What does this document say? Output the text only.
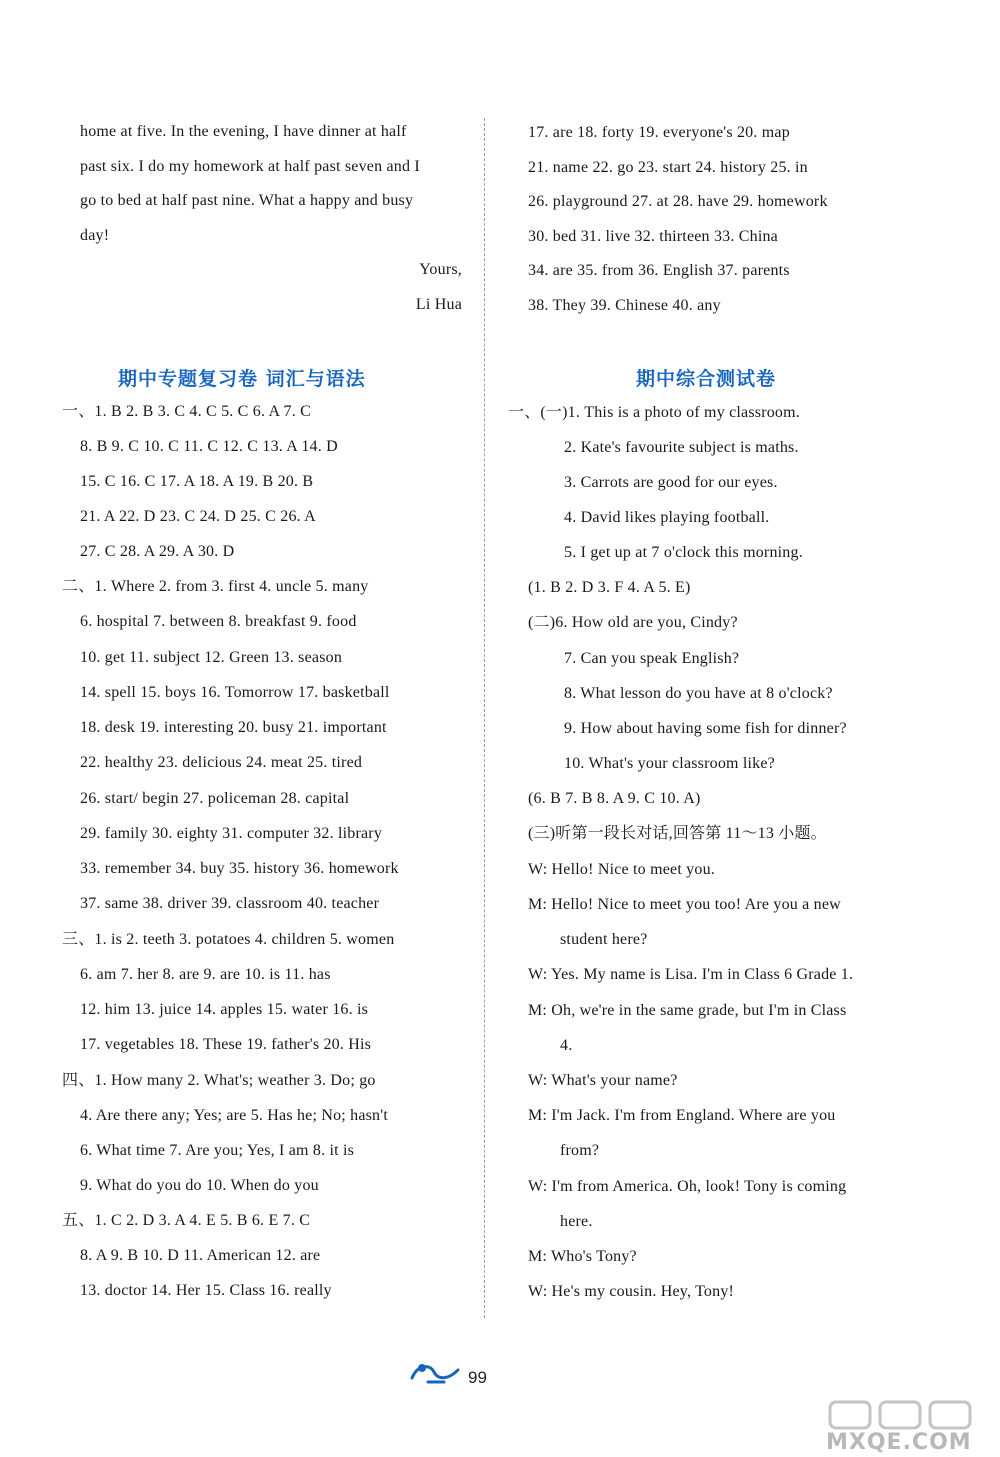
home at five. In the evening, I have dinner at half
past six. I do my homework at half past seven and I
go to bed at half past nine. What a happy and busy
day!
Yours,
Li Hua
期中专题复习卷 词汇与语法
一、1. B 2. B 3. C 4. C 5. C 6. A 7. C
8. B 9. C 10. C 11. C 12. C 13. A 14. D
15. C 16. C 17. A 18. A 19. B 20. B
21. A 22. D 23. C 24. D 25. C 26. A
27. C 28. A 29. A 30. D
二、1. Where 2. from 3. first 4. uncle 5. many
6. hospital 7. between 8. breakfast 9. food
10. get 11. subject 12. Green 13. season
14. spell 15. boys 16. Tomorrow 17. basketball
18. desk 19. interesting 20. busy 21. important
22. healthy 23. delicious 24. meat 25. tired
26. start/ begin 27. policeman 28. capital
29. family 30. eighty 31. computer 32. library
33. remember 34. buy 35. history 36. homework
37. same 38. driver 39. classroom 40. teacher
三、1. is 2. teeth 3. potatoes 4. children 5. women
6. am 7. her 8. are 9. are 10. is 11. has
12. him 13. juice 14. apples 15. water 16. is
17. vegetables 18. These 19. father's 20. His
四、1. How many 2. What's; weather 3. Do; go
4. Are there any; Yes; are 5. Has he; No; hasn't
6. What time 7. Are you; Yes, I am 8. it is
9. What do you do 10. When do you
五、1. C 2. D 3. A 4. E 5. B 6. E 7. C
8. A 9. B 10. D 11. American 12. are
13. doctor 14. Her 15. Class 16. really
17. are 18. forty 19. everyone's 20. map
21. name 22. go 23. start 24. history 25. in
26. playground 27. at 28. have 29. homework
30. bed 31. live 32. thirteen 33. China
34. are 35. from 36. English 37. parents
38. They 39. Chinese 40. any
期中综合测试卷
一、(一)1. This is a photo of my classroom.
2. Kate's favourite subject is maths.
3. Carrots are good for our eyes.
4. David likes playing football.
5. I get up at 7 o'clock this morning.
(1. B 2. D 3. F 4. A 5. E)
(二)6. How old are you, Cindy?
7. Can you speak English?
8. What lesson do you have at 8 o'clock?
9. How about having some fish for dinner?
10. What's your classroom like?
(6. B 7. B 8. A 9. C 10. A)
(三)听第一段长对话,回答第 11～13 小题。
W: Hello! Nice to meet you.
M: Hello! Nice to meet you too! Are you a new
student here?
W: Yes. My name is Lisa. I'm in Class 6 Grade 1.
M: Oh, we're in the same grade, but I'm in Class
4.
W: What's your name?
M: I'm Jack. I'm from England. Where are you
from?
W: I'm from America. Oh, look! Tony is coming
here.
M: Who's Tony?
W: He's my cousin. Hey, Tony!
99
MXQE.COM
